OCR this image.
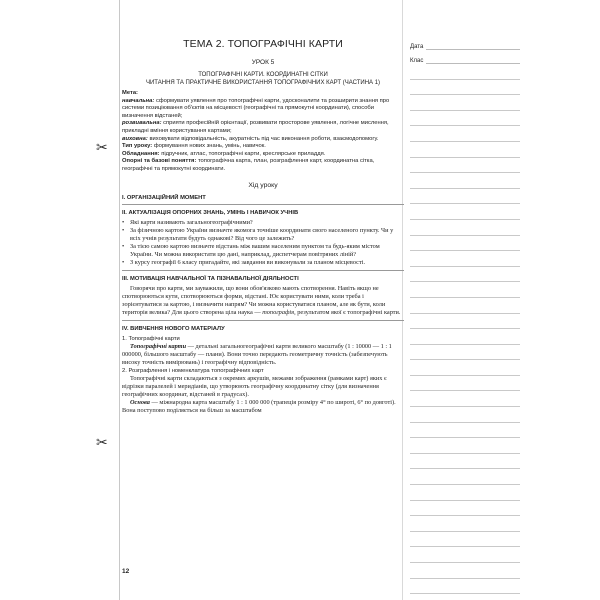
✂
✂
ТЕМА 2. ТОПОГРАФІЧНІ КАРТИ
УРОК 5
ТОПОГРАФІЧНІ КАРТИ. КООРДИНАТНІ СІТКИ
ЧИТАННЯ ТА ПРАКТИЧНЕ ВИКОРИСТАННЯ ТОПОГРАФІЧНИХ КАРТ (ЧАСТИНА 1)
Мета:
навчальна: сформувати уявлення про топографічні карти, удосконалити та розширити знання про системи позиціювання об'єктів на місцевості (географічні та прямокутні координати), способи визначення відстаней;
розвивальна: сприяти професійній орієнтації, розвивати просторове уявлення, логічне мислення, прикладні вміння користування картами;
виховна: виховувати відповідальність, акуратність під час виконання роботи, взаємодопомогу.
Тип уроку: формування нових знань, умінь, навичок.
Обладнання: підручник, атлас, топографічні карти, креслярське приладдя.
Опорні та базові поняття: топографічна карта, план, розграфлення карт, координатна сітка, географічні та прямокутні координати.
Хід уроку
І. ОРГАНІЗАЦІЙНИЙ МОМЕНТ
ІІ. АКТУАЛІЗАЦІЯ ОПОРНИХ ЗНАНЬ, УМІНЬ І НАВИЧОК УЧНІВ
• Які карти називають загальногеографічними?
• За фізичною картою України визначте якомога точніше координати свого населеного пункту. Чи у всіх учнів результати будуть однакові? Від чого це залежить?
• За тією самою картою визначте відстань між вашим населеним пунктом та будь-яким містом України. Чи можна використати цю дані, наприклад, диспетчерам повітряних ліній?
• З курсу географії 6 класу пригадайте, які завдання ви виконували за планом місцевості.
ІІІ. МОТИВАЦІЯ НАВЧАЛЬНОЇ ТА ПІЗНАВАЛЬНОЇ ДІЯЛЬНОСТІ
Говорячи про карти, ми зауважили, що вони обов'язково мають спотворення. Навіть якщо не спотворюються кути, спотворюються форми, відстані. Ює користувати ними, коли треба і зорієнтуватися за картою, і визначити напрям? Чи можна користуватися планом, але як бути, коли територія велика? Для цього створена ціла наука — топографія, результатом якої є топографічні карти.
IV. ВИВЧЕННЯ НОВОГО МАТЕРІАЛУ
1. Топографічні карти
Топографічні карти — детальні загальногеографічні карти великого масштабу (1 : 10000 — 1 : 1 000000, більшого масштабу — плани). Вони точно передають геометричну точність (забезпечують високу точність вимірювань) і географічну відповідність.
2. Розграфлення і номенклатура топографічних карт
Топографічні карти складаються з окремих аркушів, межами зображення (рамками карт) яких є відрізки паралелей і меридіанів, що утворюють географічну координатну сітку (для визначення географічних координат, відстаней в градусах).
Основа — міжнародна карта масштабу 1 : 1 000 000 (трапеція розміру 4° по широті, 6° по довготі). Вона поступово поділяється на більш за масштабом
12
Дата
Клас
